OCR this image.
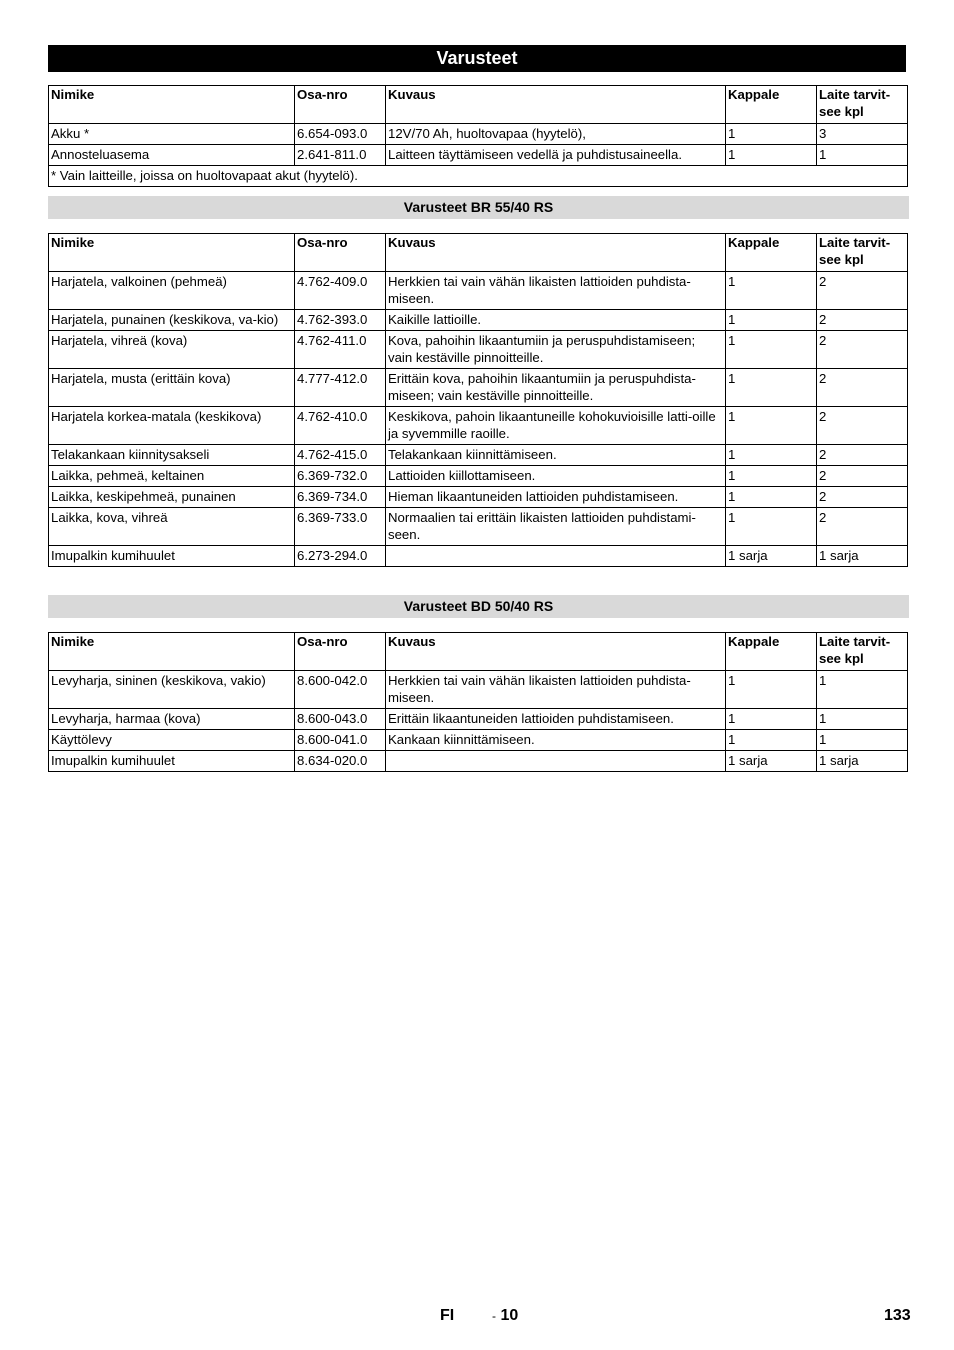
Varusteet
Nimike	Osa-nro	Kuvaus	Kappale	Laite tarvit-see kpl
Akku *	6.654-093.0	12V/70 Ah, huoltovapaa (hyytelö),	1	3
Annosteluasema	2.641-811.0	Laitteen täyttämiseen vedellä ja puhdistusaineella.	1	1
* Vain laitteille, joissa on huoltovapaat akut (hyytelö).				
Varusteet BR 55/40 RS
Nimike	Osa-nro	Kuvaus	Kappale	Laite tarvit-see kpl
Harjatela, valkoinen (pehmeä)	4.762-409.0	Herkkien tai vain vähän likaisten lattioiden puhdista-miseen.	1	2
Harjatela, punainen (keskikova, va-kio)	4.762-393.0	Kaikille lattioille.	1	2
Harjatela, vihreä (kova)	4.762-411.0	Kova, pahoihin likaantumiin ja peruspuhdistamiseen; vain kestäville pinnoitteille.	1	2
Harjatela, musta (erittäin kova)	4.777-412.0	Erittäin kova, pahoihin likaantumiin ja peruspuhdista-miseen; vain kestäville pinnoitteille.	1	2
Harjatela korkea-matala (keskikova)	4.762-410.0	Keskikova, pahoin likaantuneille kohokuvioisille latti-oille ja syvemmille raoille.	1	2
Telakankaan kiinnitysakseli	4.762-415.0	Telakankaan kiinnittämiseen.	1	2
Laikka, pehmeä, keltainen	6.369-732.0	Lattioiden kiillottamiseen.	1	2
Laikka, keskipehmeä, punainen	6.369-734.0	Hieman likaantuneiden lattioiden puhdistamiseen.	1	2
Laikka, kova, vihreä	6.369-733.0	Normaalien tai erittäin likaisten lattioiden puhdistami-seen.	1	2
Imupalkin kumihuulet	6.273-294.0		1 sarja	1 sarja
Varusteet BD 50/40 RS
Nimike	Osa-nro	Kuvaus	Kappale	Laite tarvit-see kpl
Levyharja, sininen (keskikova, vakio)	8.600-042.0	Herkkien tai vain vähän likaisten lattioiden puhdista-miseen.	1	1
Levyharja, harmaa (kova)	8.600-043.0	Erittäin likaantuneiden lattioiden puhdistamiseen.	1	1
Käyttölevy	8.600-041.0	Kankaan kiinnittämiseen.	1	1
Imupalkin kumihuulet	8.634-020.0		1 sarja	1 sarja
FI	- 10	133
